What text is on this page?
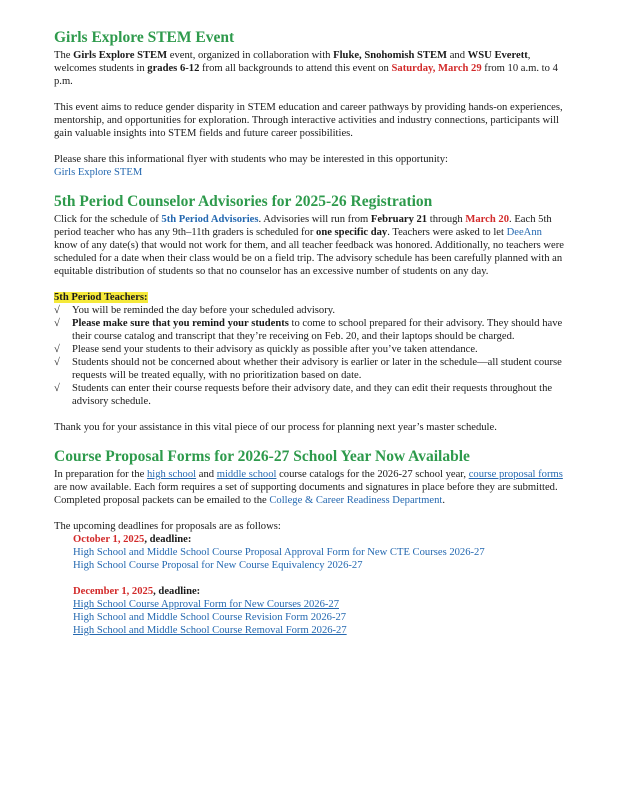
Girls Explore STEM Event

The Girls Explore STEM event, organized in collaboration with Fluke, Snohomish STEM and WSU Everett, welcomes students in grades 6-12 from all backgrounds to attend this event on Saturday, March 29 from 10 a.m. to 4 p.m.

This event aims to reduce gender disparity in STEM education and career pathways by providing hands-on experiences, mentorship, and opportunities for exploration. Through interactive activities and industry connections, participants will gain valuable insights into STEM fields and future career possibilities.

Please share this informational flyer with students who may be interested in this opportunity:

Girls Explore STEM

5th Period Counselor Advisories for 2025-26 Registration

Click for the schedule of 5th Period Advisories. Advisories will run from February 21 through March 20. Each 5th period teacher who has any 9th–11th graders is scheduled for one specific day. Teachers were asked to let DeeAnn know of any date(s) that would not work for them, and all teacher feedback was honored. Additionally, no teachers were scheduled for a date when their class would be on a field trip. The advisory schedule has been carefully planned with an equitable distribution of students so that no counselor has an excessive number of students on any day.

5th Period Teachers:

√	You will be reminded the day before your scheduled advisory.
√	Please make sure that you remind your students to come to school prepared for their advisory. They should have their course catalog and transcript that they’re receiving on Feb. 20, and their laptops should be charged.
√	Please send your students to their advisory as quickly as possible after you’ve taken attendance.
√	Students should not be concerned about whether their advisory is earlier or later in the schedule—all student course requests will be treated equally, with no prioritization based on date.
√	Students can enter their course requests before their advisory date, and they can edit their requests throughout the advisory schedule.

Thank you for your assistance in this vital piece of our process for planning next year’s master schedule.

Course Proposal Forms for 2026-27 School Year Now Available

In preparation for the high school and middle school course catalogs for the 2026-27 school year, course proposal forms are now available. Each form requires a set of supporting documents and signatures in place before they are submitted. Completed proposal packets can be emailed to the College & Career Readiness Department.

The upcoming deadlines for proposals are as follows:

October 1, 2025, deadline:

High School and Middle School Course Proposal Approval Form for New CTE Courses 2026-27
High School Course Proposal for New Course Equivalency 2026-27

December 1, 2025, deadline:

High School Course Approval Form for New Courses 2026-27
High School and Middle School Course Revision Form 2026-27
High School and Middle School Course Removal Form 2026-27
